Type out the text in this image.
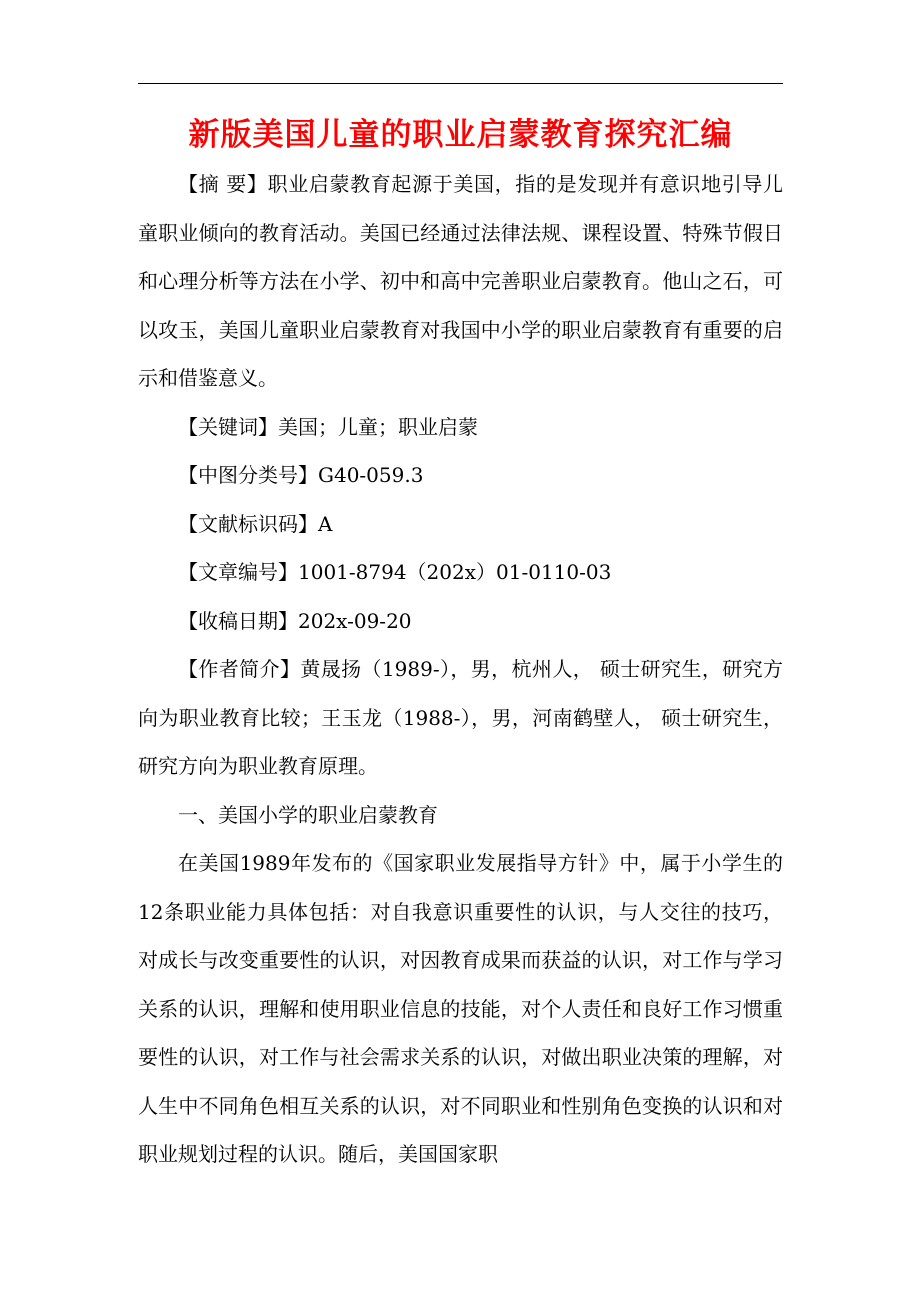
新版美国儿童的职业启蒙教育探究汇编

【摘 要】职业启蒙教育起源于美国，指的是发现并有意识地引导儿童职业倾向的教育活动。美国已经通过法律法规、课程设置、特殊节假日和心理分析等方法在小学、初中和高中完善职业启蒙教育。他山之石，可以攻玉，美国儿童职业启蒙教育对我国中小学的职业启蒙教育有重要的启示和借鉴意义。

【关键词】美国；儿童；职业启蒙

【中图分类号】G40-059.3

【文献标识码】A

【文章编号】1001-8794（202x）01-0110-03

【收稿日期】202x-09-20

【作者简介】黄晟扬（1989-），男，杭州人， 硕士研究生，研究方向为职业教育比较；王玉龙（1988-），男，河南鹤壁人， 硕士研究生，研究方向为职业教育原理。

一、美国小学的职业启蒙教育

在美国1989年发布的《国家职业发展指导方针》中，属于小学生的12条职业能力具体包括：对自我意识重要性的认识，与人交往的技巧，对成长与改变重要性的认识，对因教育成果而获益的认识，对工作与学习关系的认识，理解和使用职业信息的技能，对个人责任和良好工作习惯重要性的认识，对工作与社会需求关系的认识，对做出职业决策的理解，对人生中不同角色相互关系的认识，对不同职业和性别角色变换的认识和对职业规划过程的认识。随后，美国国家职
